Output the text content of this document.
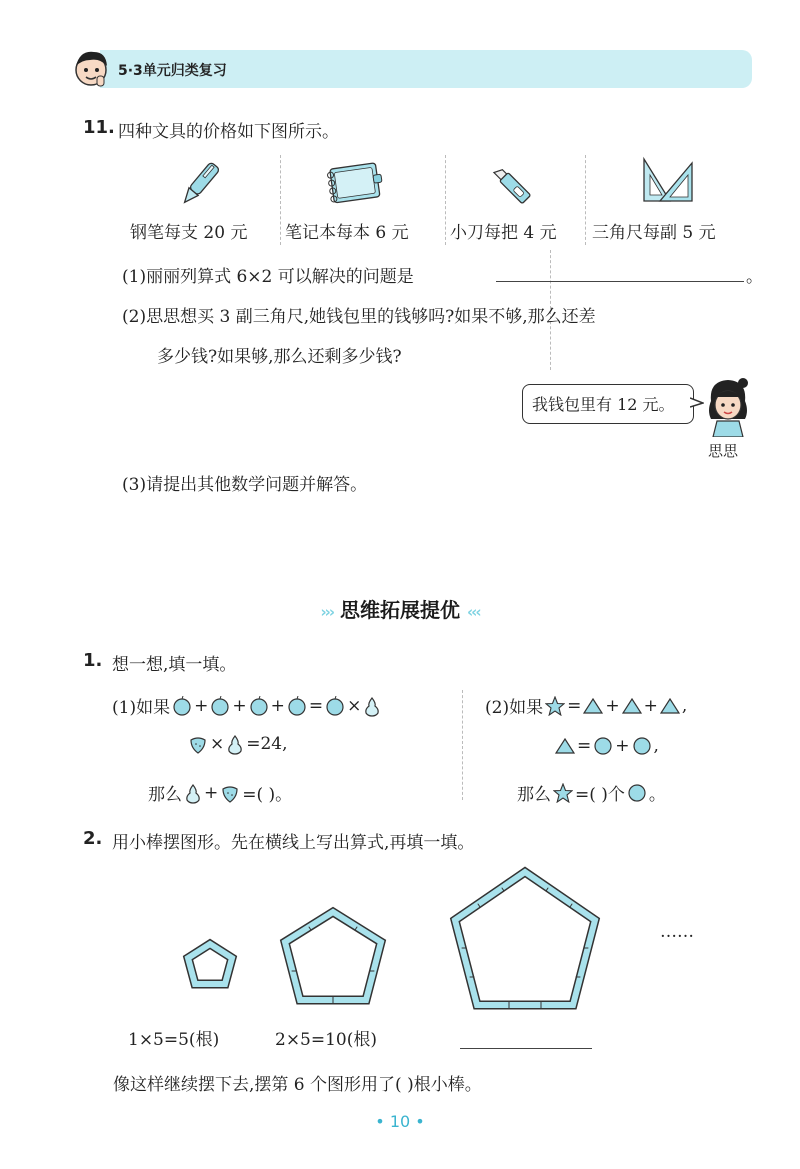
5·3单元归类复习
11. 四种文具的价格如下图所示。
钢笔每支 20 元 笔记本每本 6 元 小刀每把 4 元 三角尺每副 5 元
(1)丽丽列算式 6×2 可以解决的问题是	。
(2)思思想买 3 副三角尺,她钱包里的钱够吗?如果不够,那么还差
多少钱?如果够,那么还剩多少钱?
我钱包里有 12 元。
思思
(3)请提出其他数学问题并解答。
››› 思维拓展提优 ‹‹‹
1. 想一想,填一填。
(1)如果 + + + = ×
× =24,
那么 + =( )。
(2)如果 = + + ,
= + ,
那么 =( )个 。
2. 用小棒摆图形。先在横线上写出算式,再填一填。
……
1×5=5(根)	2×5=10(根)
像这样继续摆下去,摆第 6 个图形用了( )根小棒。
• 10 •
